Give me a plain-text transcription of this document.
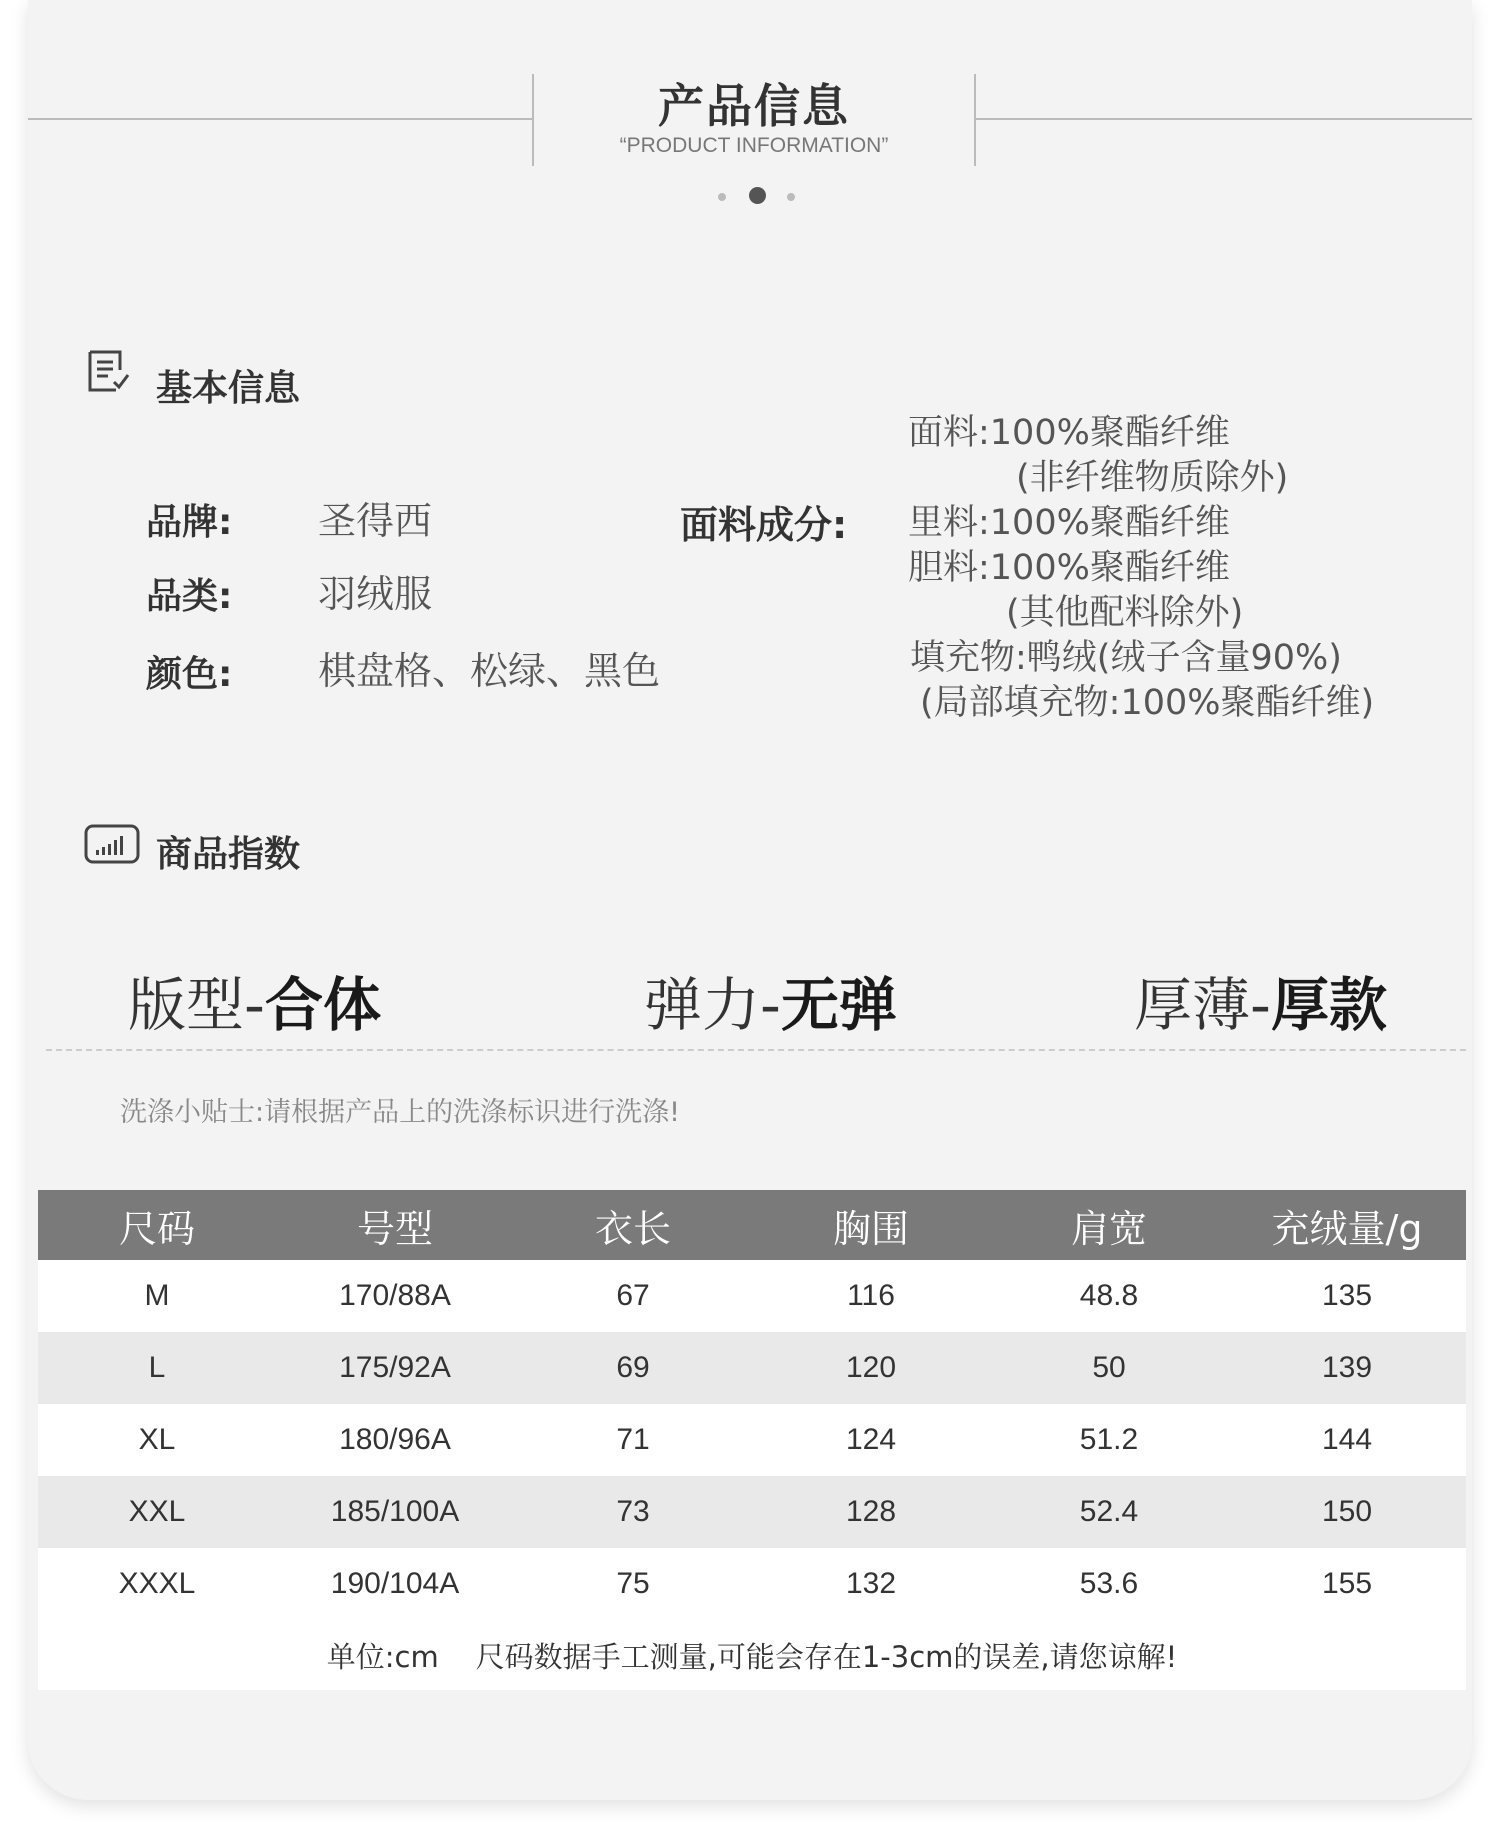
产品信息
“PRODUCT INFORMATION”
基本信息
品牌: 圣得西
品类: 羽绒服
颜色: 棋盘格、松绿、黑色
面料成分:
面料:100%聚酯纤维
(非纤维物质除外)
里料:100%聚酯纤维
胆料:100%聚酯纤维
(其他配料除外)
填充物:鸭绒(绒子含量90%)
(局部填充物:100%聚酯纤维)
商品指数
版型-合体	弹力-无弹	厚薄-厚款
洗涤小贴士:请根据产品上的洗涤标识进行洗涤!
尺码	号型	衣长	胸围	肩宽	充绒量/g
M	170/88A	67	116	48.8	135
L	175/92A	69	120	50	139
XL	180/96A	71	124	51.2	144
XXL	185/100A	73	128	52.4	150
XXXL	190/104A	75	132	53.6	155
单位:cm    尺码数据手工测量,可能会存在1-3cm的误差,请您谅解!
